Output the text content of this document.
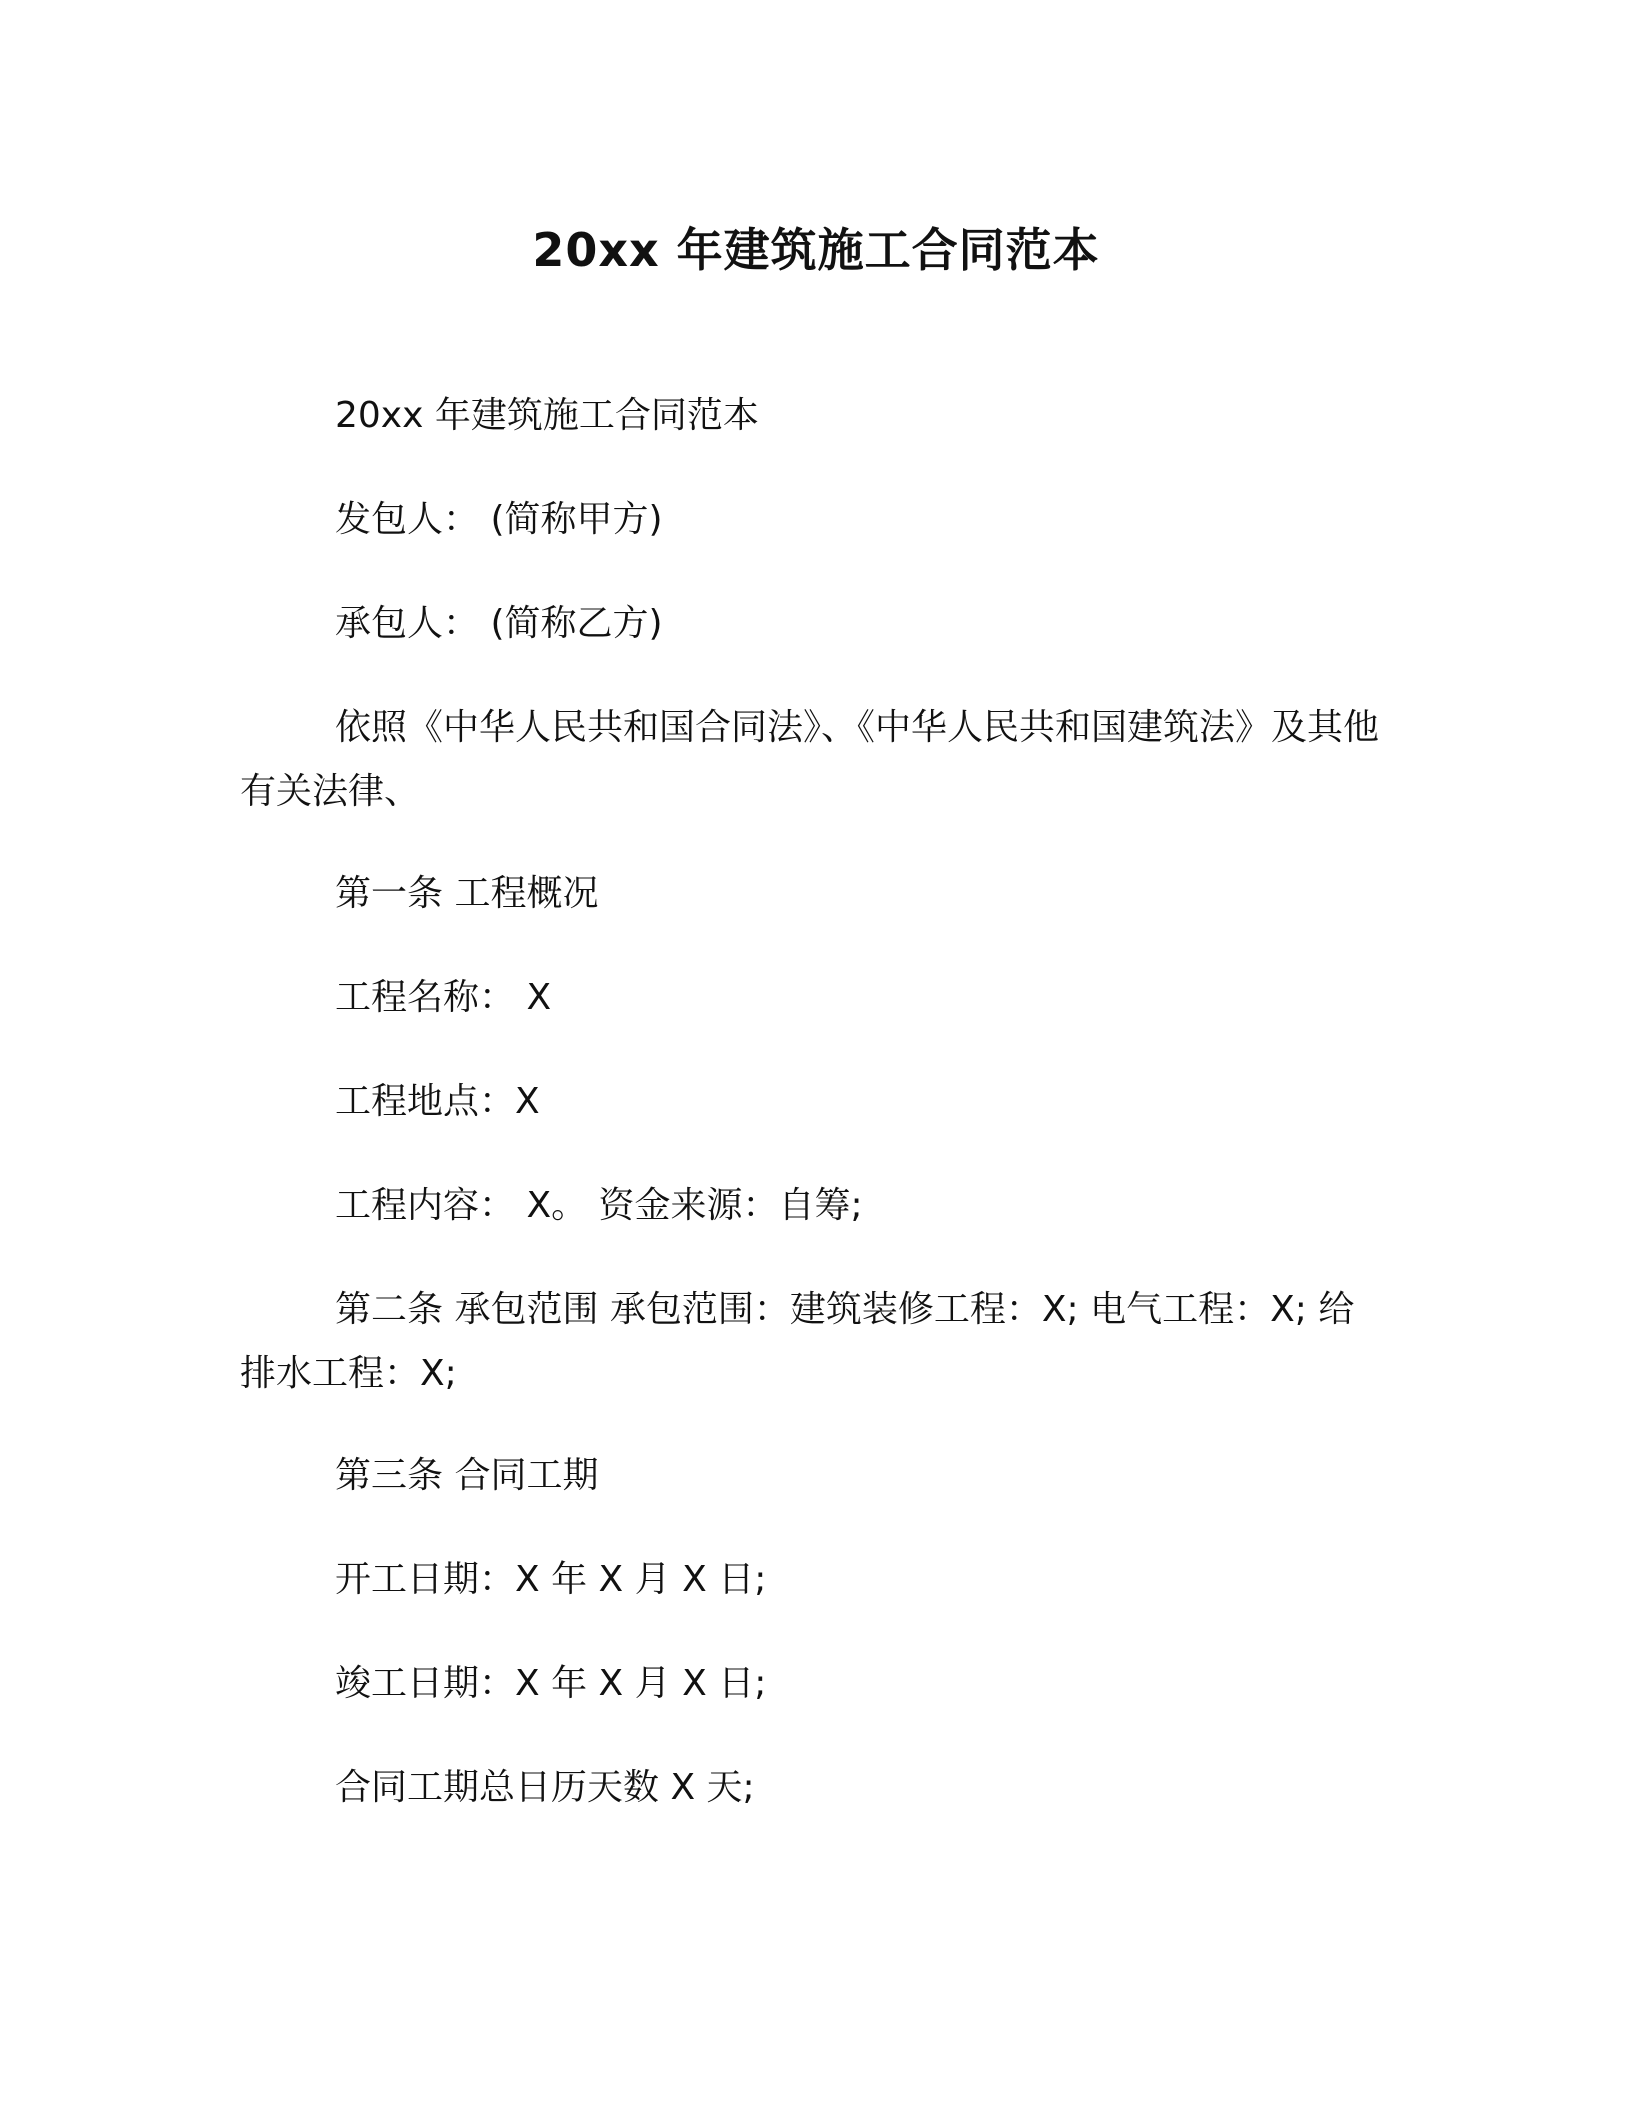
20xx 年建筑施工合同范本

20xx 年建筑施工合同范本

发包人： (简称甲方)

承包人： (简称乙方)

依照《中华人民共和国合同法》、《中华人民共和国建筑法》及其他有关法律、

第一条 工程概况

工程名称： X

工程地点：X

工程内容： X。 资金来源：自筹;

第二条 承包范围 承包范围：建筑装修工程：X; 电气工程：X; 给排水工程：X;

第三条 合同工期

开工日期：X 年 X 月 X 日;

竣工日期：X 年 X 月 X 日;

合同工期总日历天数 X 天;
